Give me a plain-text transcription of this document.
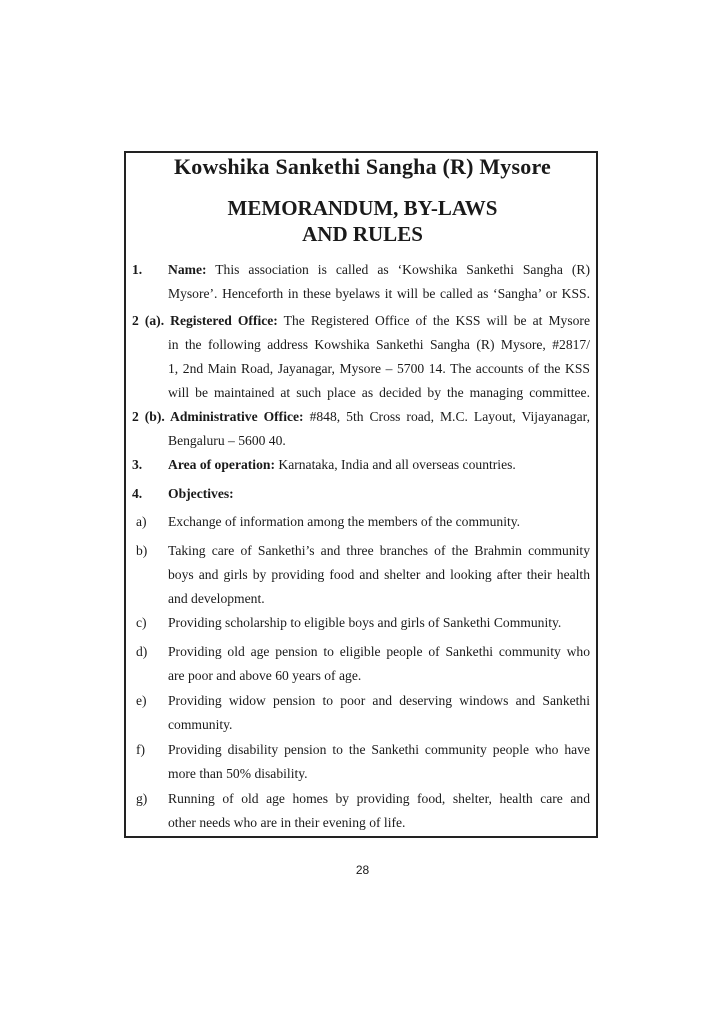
Kowshika Sankethi Sangha (R) Mysore
MEMORANDUM, BY-LAWS
AND RULES
1. Name: This association is called as ‘Kowshika Sankethi Sangha (R)
Mysore’. Henceforth in these byelaws it will be called as ‘Sangha’ or KSS.
2 (a). Registered Office: The Registered Office of the KSS will be at Mysore
in the following address Kowshika Sankethi Sangha (R) Mysore, #2817/
1, 2nd Main Road, Jayanagar, Mysore – 5700 14. The accounts of the KSS
will be maintained at such place as decided by the managing committee.
2 (b). Administrative Office: #848, 5th Cross road, M.C. Layout, Vijayanagar,
Bengaluru – 5600 40.
3.	Area of operation: Karnataka, India and all overseas countries.
4.	Objectives:
a) Exchange of information among the members of the community.
b) Taking care of Sankethi’s and three branches of the Brahmin community
boys and girls by providing food and shelter and looking after their health
and development.
c) Providing scholarship to eligible boys and girls of Sankethi Community.
d) Providing old age pension to eligible people of Sankethi community who
are poor and above 60 years of age.
e) Providing widow pension to poor and deserving windows and Sankethi
community.
f) Providing disability pension to the Sankethi community people who have
more than 50% disability.
g) Running of old age homes by providing food, shelter, health care and
other needs who are in their evening of life.
28
